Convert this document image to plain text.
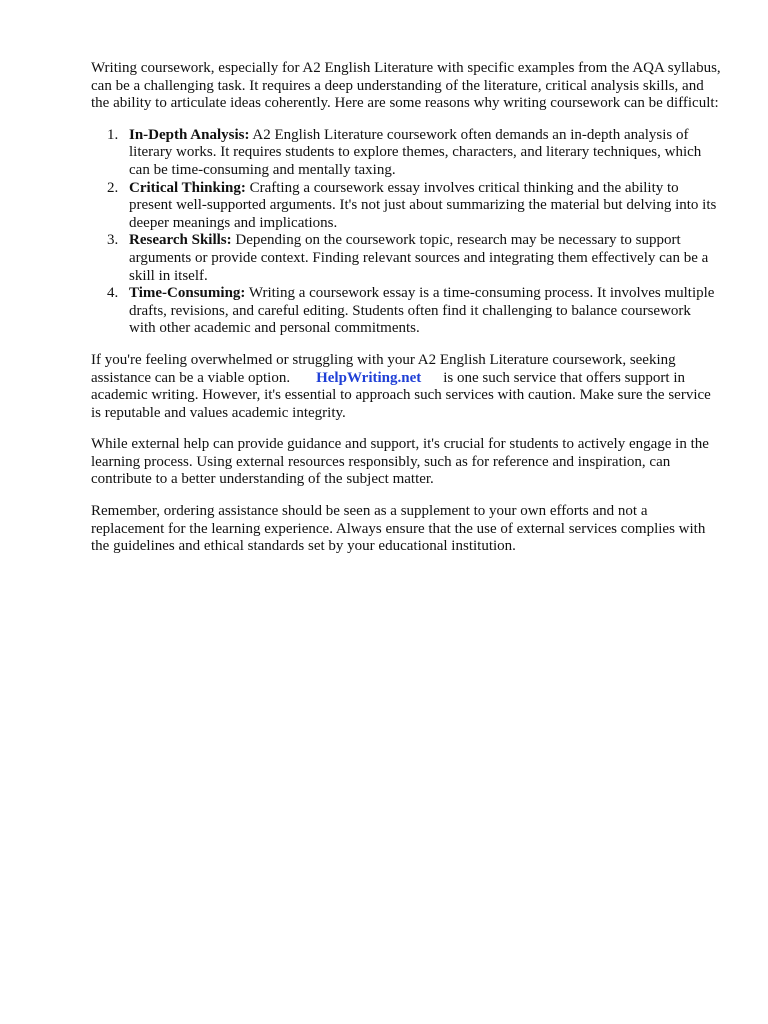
Writing coursework, especially for A2 English Literature with specific examples from the AQA syllabus, can be a challenging task. It requires a deep understanding of the literature, critical analysis skills, and the ability to articulate ideas coherently. Here are some reasons why writing coursework can be difficult:

1. In-Depth Analysis: A2 English Literature coursework often demands an in-depth analysis of literary works. It requires students to explore themes, characters, and literary techniques, which can be time-consuming and mentally taxing.
2. Critical Thinking: Crafting a coursework essay involves critical thinking and the ability to present well-supported arguments. It's not just about summarizing the material but delving into its deeper meanings and implications.
3. Research Skills: Depending on the coursework topic, research may be necessary to support arguments or provide context. Finding relevant sources and integrating them effectively can be a skill in itself.
4. Time-Consuming: Writing a coursework essay is a time-consuming process. It involves multiple drafts, revisions, and careful editing. Students often find it challenging to balance coursework with other academic and personal commitments.

If you're feeling overwhelmed or struggling with your A2 English Literature coursework, seeking assistance can be a viable option. HelpWriting.net is one such service that offers support in academic writing. However, it's essential to approach such services with caution. Make sure the service is reputable and values academic integrity.

While external help can provide guidance and support, it's crucial for students to actively engage in the learning process. Using external resources responsibly, such as for reference and inspiration, can contribute to a better understanding of the subject matter.

Remember, ordering assistance should be seen as a supplement to your own efforts and not a replacement for the learning experience. Always ensure that the use of external services complies with the guidelines and ethical standards set by your educational institution.
